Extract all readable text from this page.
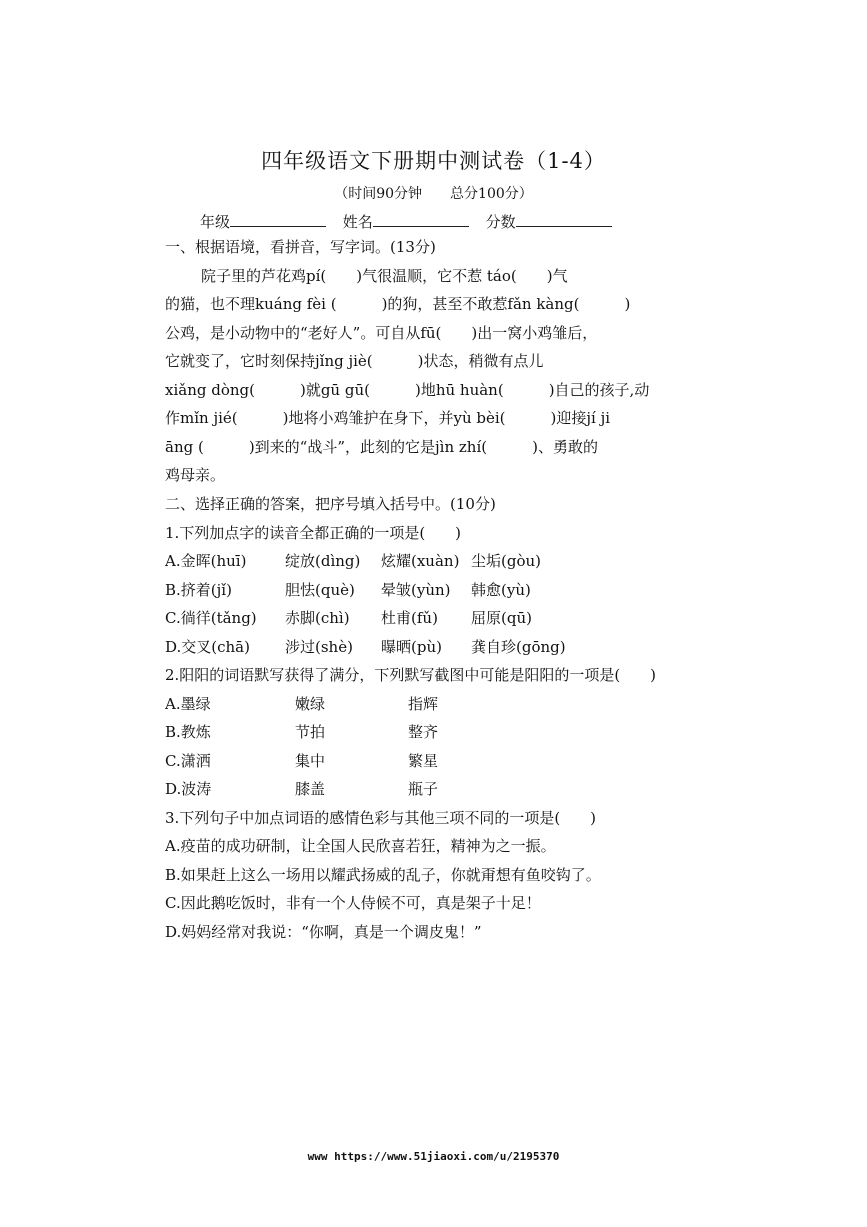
四年级语文下册期中测试卷（1-4）
（时间90分钟　　总分100分）
年级	姓名	分数
一、根据语境，看拼音，写字词。(13分)
院子里的芦花鸡pí(　　)气很温顺，它不惹 táo(　　)气
的猫，也不理kuáng fèi (　　　)的狗，甚至不敢惹fǎn kàng(　　　)
公鸡，是小动物中的“老好人”。可自从fū(　　)出一窝小鸡雏后，
它就变了，它时刻保持jǐng jiè(　　　)状态，稍微有点儿
xiǎng dòng(　　　)就gū gū(　　　)地hū huàn(　　　)自己的孩子,动
作mǐn jié(　　　)地将小鸡雏护在身下，并yù bèi(　　　)迎接jí ji
āng (　　　)到来的“战斗”，此刻的它是jìn zhí(　　　)、勇敢的
鸡母亲。
二、选择正确的答案，把序号填入括号中。(10分)
1.下列加点字的读音全都正确的一项是(　　)
A.金晖(huī)	绽放(dìng) 炫耀(xuàn) 尘垢(gòu)
B.挤着(jǐ)	胆怯(què) 晕皱(yùn) 韩愈(yù)
C.徜徉(tǎng) 赤脚(chì) 杜甫(fǔ) 屈原(qū)
D.交叉(chā) 涉过(shè) 曝晒(pù) 龚自珍(gōng)
2.阳阳的词语默写获得了满分，下列默写截图中可能是阳阳的一项是(　　)
A.墨绿	嫩绿	指辉
B.教炼	节拍	整齐
C.潇洒	集中	繁星
D.波涛	膝盖	瓶子
3.下列句子中加点词语的感情色彩与其他三项不同的一项是(　　)
A.疫苗的成功研制，让全国人民欣喜若狂，精神为之一振。
B.如果赶上这么一场用以耀武扬威的乱子，你就甭想有鱼咬钩了。
C.因此鹅吃饭时，非有一个人侍候不可，真是架子十足！
D.妈妈经常对我说：“你啊，真是一个调皮鬼！”
www https://www.51jiaoxi.com/u/2195370
